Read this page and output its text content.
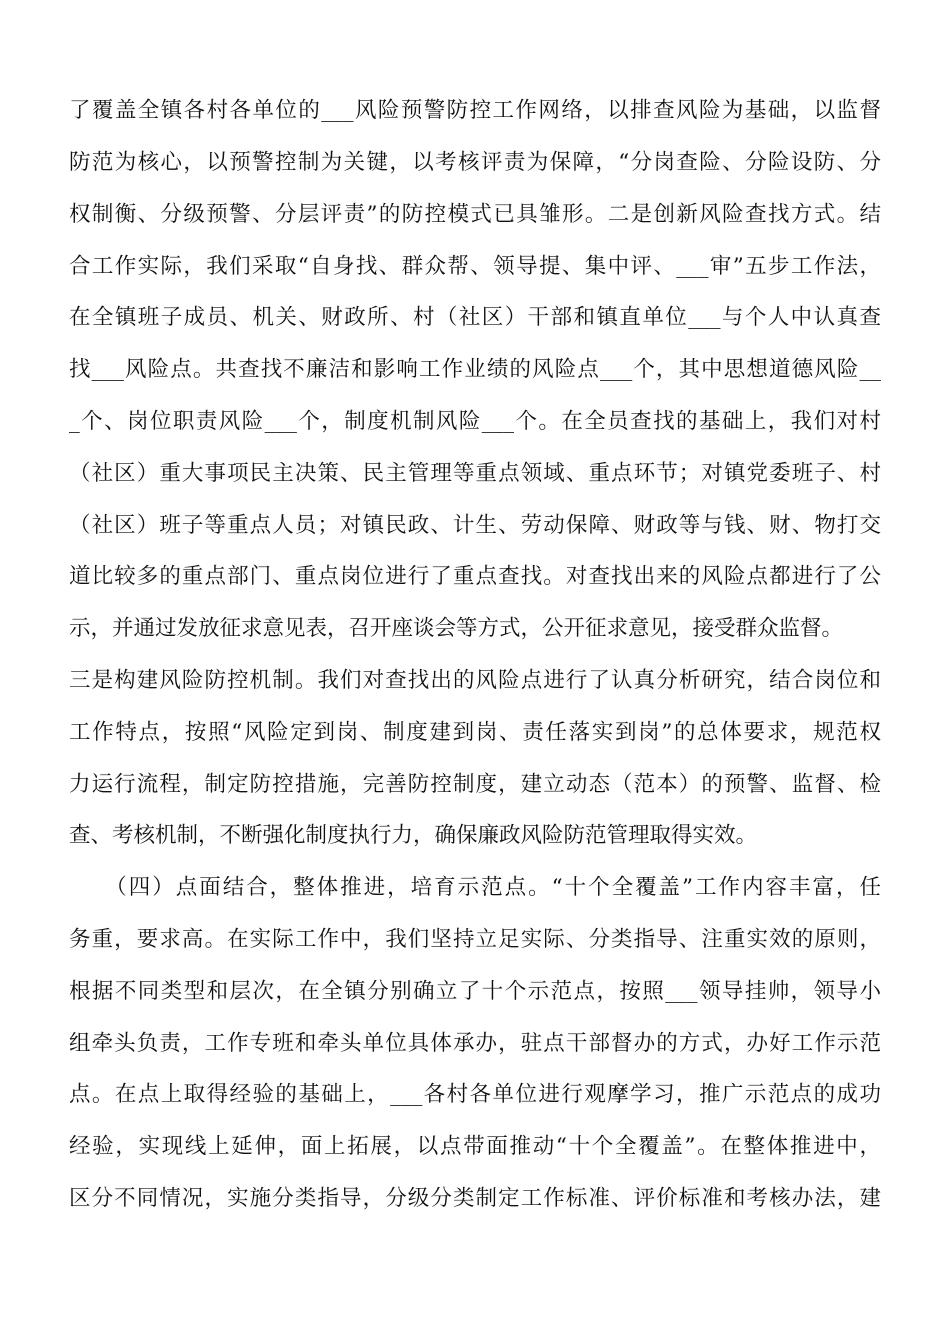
了覆盖全镇各村各单位的___风险预警防控工作网络，以排查风险为基础，以监督
防范为核心，以预警控制为关键，以考核评责为保障，“分岗查险、分险设防、分
权制衡、分级预警、分层评责”的防控模式已具雏形。二是创新风险查找方式。结
合工作实际，我们采取“自身找、群众帮、领导提、集中评、___审”五步工作法，
在全镇班子成员、机关、财政所、村（社区）干部和镇直单位___与个人中认真查
找___风险点。共查找不廉洁和影响工作业绩的风险点___个，其中思想道德风险__
_个、岗位职责风险___个，制度机制风险___个。在全员查找的基础上，我们对村
（社区）重大事项民主决策、民主管理等重点领域、重点环节；对镇党委班子、村
（社区）班子等重点人员；对镇民政、计生、劳动保障、财政等与钱、财、物打交
道比较多的重点部门、重点岗位进行了重点查找。对查找出来的风险点都进行了公
示，并通过发放征求意见表，召开座谈会等方式，公开征求意见，接受群众监督。
三是构建风险防控机制。我们对查找出的风险点进行了认真分析研究，结合岗位和
工作特点，按照“风险定到岗、制度建到岗、责任落实到岗”的总体要求，规范权
力运行流程，制定防控措施，完善防控制度，建立动态（范本）的预警、监督、检
查、考核机制，不断强化制度执行力，确保廉政风险防范管理取得实效。
　　（四）点面结合，整体推进，培育示范点。“十个全覆盖”工作内容丰富，任
务重，要求高。在实际工作中，我们坚持立足实际、分类指导、注重实效的原则，
根据不同类型和层次，在全镇分别确立了十个示范点，按照___领导挂帅，领导小
组牵头负责，工作专班和牵头单位具体承办，驻点干部督办的方式，办好工作示范
点。在点上取得经验的基础上，___各村各单位进行观摩学习，推广示范点的成功
经验，实现线上延伸，面上拓展，以点带面推动“十个全覆盖”。在整体推进中，
区分不同情况，实施分类指导，分级分类制定工作标准、评价标准和考核办法，建
